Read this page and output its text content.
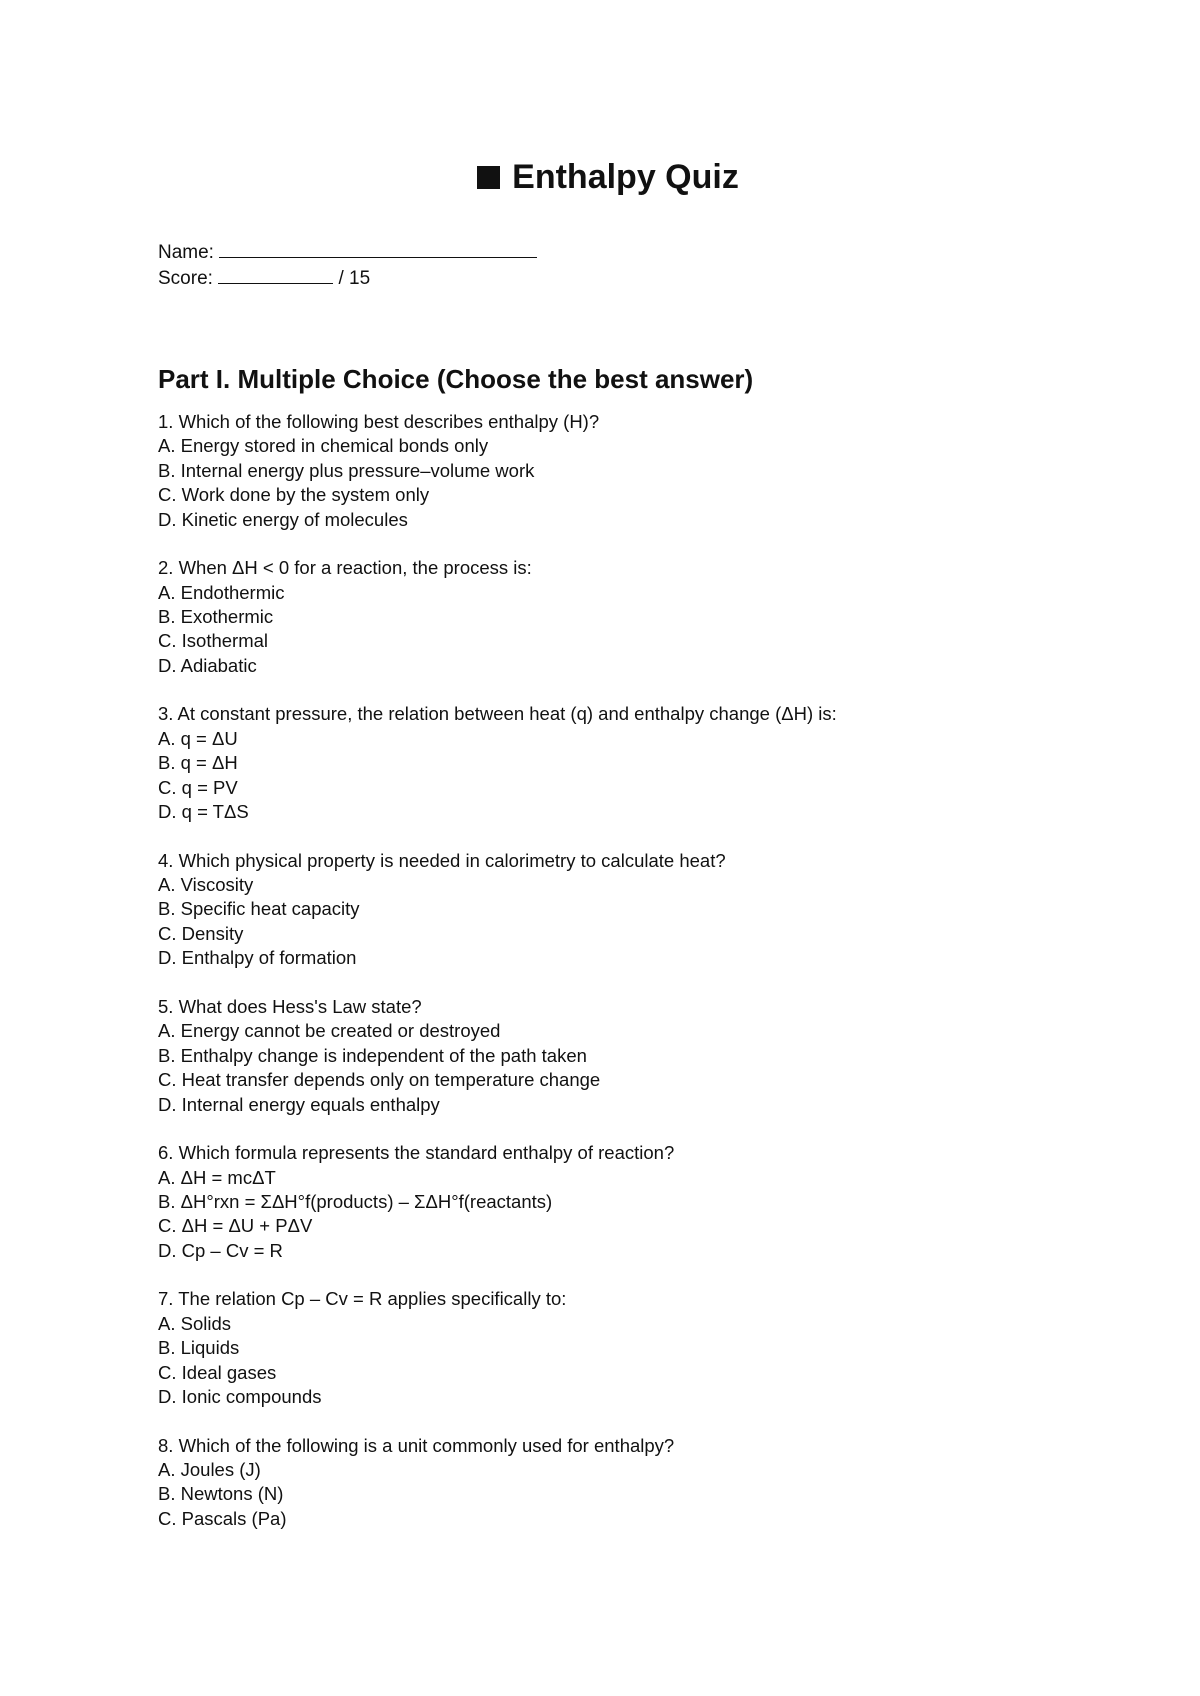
Enthalpy Quiz
Name:
Score:	/ 15
Part I. Multiple Choice (Choose the best answer)
1. Which of the following best describes enthalpy (H)?
A. Energy stored in chemical bonds only
B. Internal energy plus pressure–volume work
C. Work done by the system only
D. Kinetic energy of molecules
2. When ΔH < 0 for a reaction, the process is:
A. Endothermic
B. Exothermic
C. Isothermal
D. Adiabatic
3. At constant pressure, the relation between heat (q) and enthalpy change (ΔH) is:
A. q = ΔU
B. q = ΔH
C. q = PV
D. q = TΔS
4. Which physical property is needed in calorimetry to calculate heat?
A. Viscosity
B. Specific heat capacity
C. Density
D. Enthalpy of formation
5. What does Hess's Law state?
A. Energy cannot be created or destroyed
B. Enthalpy change is independent of the path taken
C. Heat transfer depends only on temperature change
D. Internal energy equals enthalpy
6. Which formula represents the standard enthalpy of reaction?
A. ΔH = mcΔT
B. ΔH°rxn = ΣΔH°f(products) – ΣΔH°f(reactants)
C. ΔH = ΔU + PΔV
D. Cp – Cv = R
7. The relation Cp – Cv = R applies specifically to:
A. Solids
B. Liquids
C. Ideal gases
D. Ionic compounds
8. Which of the following is a unit commonly used for enthalpy?
A. Joules (J)
B. Newtons (N)
C. Pascals (Pa)
